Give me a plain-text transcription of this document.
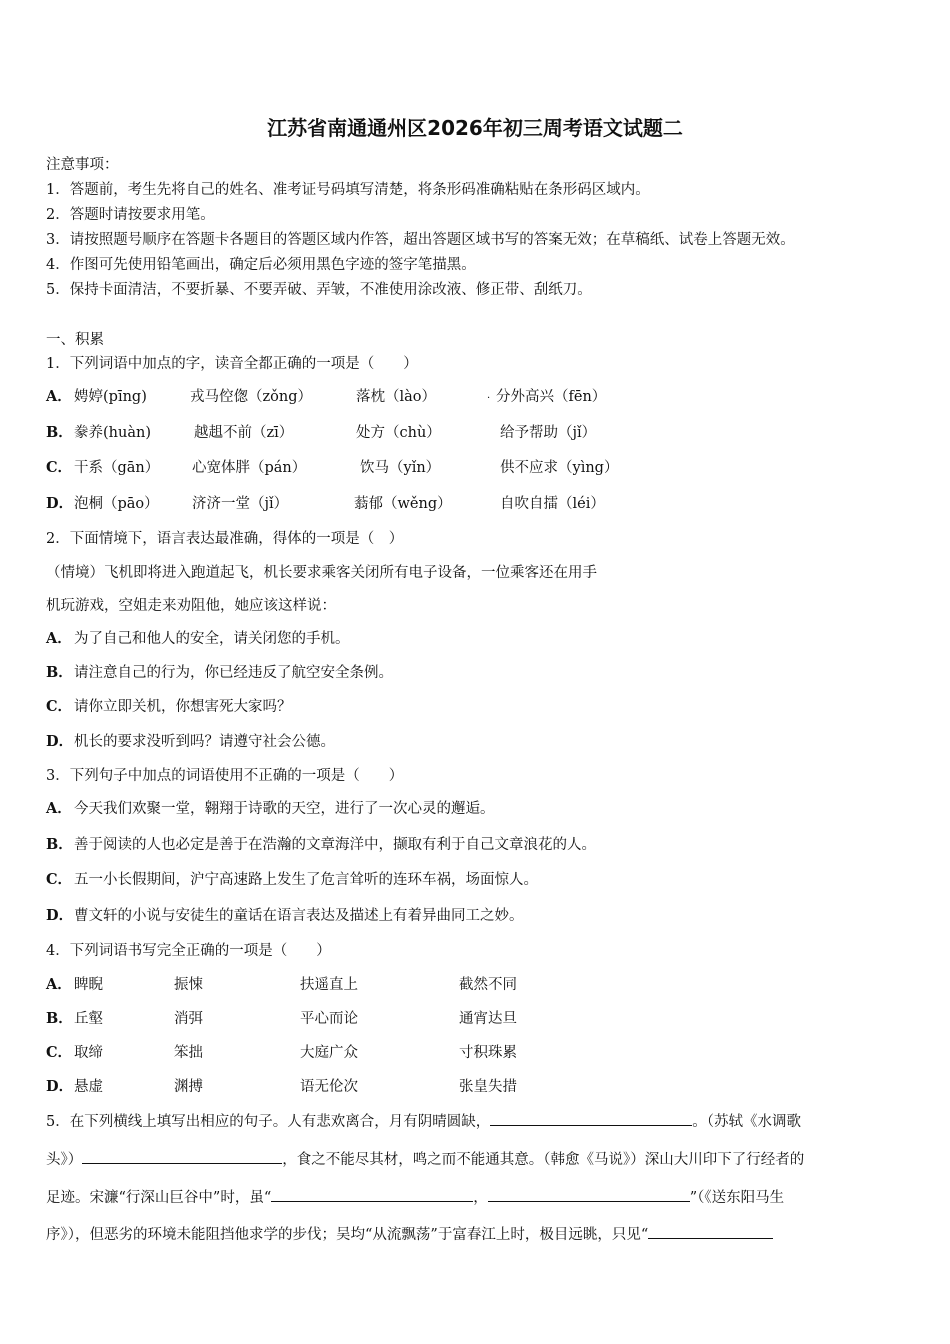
江苏省南通通州区2026年初三周考语文试题二
注意事项：
1．答题前，考生先将自己的姓名、准考证号码填写清楚，将条形码准确粘贴在条形码区域内。
2．答题时请按要求用笔。
3．请按照题号顺序在答题卡各题目的答题区域内作答，超出答题区域书写的答案无效；在草稿纸、试卷上答题无效。
4．作图可先使用铅笔画出，确定后必须用黑色字迹的签字笔描黑。
5．保持卡面清洁，不要折暴、不要弄破、弄皱，不准使用涂改液、修正带、刮纸刀。
一、积累
1．下列词语中加点的字，读音全都正确的一项是（　　）
A． 娉婷(pīng)	戎马倥偬（zǒng）	落枕（lào）	分外高兴（fēn）
·
B． 豢养(huàn)	越趄不前（zī）	处方（chù）	给予帮助（jǐ）
C． 干系（gān） 心宽体胖（pán）	饮马（yǐn）	供不应求（yìng）
D． 泡桐（pāo） 济济一堂（jǐ）	蓊郁（wěng）	自吹自擂（léi）
2．下面情境下，语言表达最准确，得体的一项是（　）
（情境）飞机即将进入跑道起飞，机长要求乘客关闭所有电子设备，一位乘客还在用手
机玩游戏，空姐走来劝阻他，她应该这样说：
A． 为了自己和他人的安全，请关闭您的手机。
B． 请注意自己的行为，你已经违反了航空安全条例。
C． 请你立即关机，你想害死大家吗？
D． 机长的要求没听到吗？请遵守社会公德。
3．下列句子中加点的词语使用不正确的一项是（　　）
A． 今天我们欢聚一堂，翱翔于诗歌的天空，进行了一次心灵的邂逅。
B． 善于阅读的人也必定是善于在浩瀚的文章海洋中，撷取有利于自己文章浪花的人。
C． 五一小长假期间，沪宁高速路上发生了危言耸听的连环车祸，场面惊人。
D． 曹文轩的小说与安徒生的童话在语言表达及描述上有着异曲同工之妙。
4．下列词语书写完全正确的一项是（　　）
A． 睥睨	振悚	扶遥直上	截然不同
B． 丘壑	消弭	平心而论	通宵达旦
C． 取缔	笨拙	大庭广众	寸积珠累
D． 悬虚	渊搏	语无伦次	张皇失措
5．在下列横线上填写出相应的句子。人有悲欢离合，月有阴晴圆缺，	。（苏轼《水调歌
头》）	，食之不能尽其材，鸣之而不能通其意。（韩愈《马说》）深山大川印下了行经者的
足迹。宋濂“行深山巨谷中”时，虽“	，	”（《送东阳马生
序》），但恶劣的环境未能阻挡他求学的步伐；吴均“从流飘荡”于富春江上时，极目远眺，只见“
